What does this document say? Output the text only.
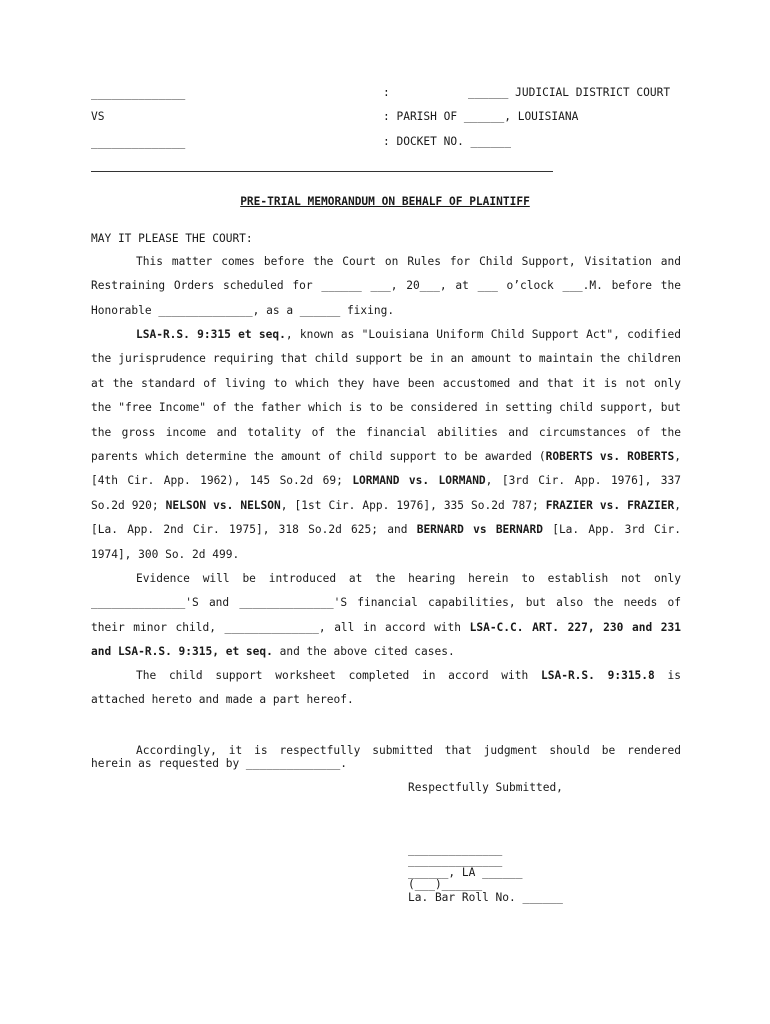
______________	:	______ JUDICIAL DISTRICT COURT
VS	: PARISH OF ______, LOUISIANA
______________	: DOCKET NO. ______
PRE-TRIAL MEMORANDUM ON BEHALF OF PLAINTIFF
MAY IT PLEASE THE COURT:
This matter comes before the Court on Rules for Child Support, Visitation and Restraining Orders scheduled for ______ ___, 20___, at ___ o’clock ___.M. before the Honorable ______________, as a ______ fixing.
LSA-R.S. 9:315 et seq., known as "Louisiana Uniform Child Support Act", codified the jurisprudence requiring that child support be in an amount to maintain the children at the standard of living to which they have been accustomed and that it is not only the "free Income" of the father which is to be considered in setting child support, but the gross income and totality of the financial abilities and circumstances of the parents which determine the amount of child support to be awarded (ROBERTS vs. ROBERTS, [4th Cir. App. 1962), 145 So.2d 69; LORMAND vs. LORMAND, [3rd Cir. App. 1976], 337 So.2d 920; NELSON vs. NELSON, [1st Cir. App. 1976], 335 So.2d 787; FRAZIER vs. FRAZIER, [La. App. 2nd Cir. 1975], 318 So.2d 625; and BERNARD vs BERNARD [La. App. 3rd Cir. 1974], 300 So. 2d 499.
Evidence will be introduced at the hearing herein to establish not only ______________'S and ______________'S financial capabilities, but also the needs of their minor child, ______________, all in accord with LSA-C.C. ART. 227, 230 and 231 and LSA-R.S. 9:315, et seq. and the above cited cases.
The child support worksheet completed in accord with LSA-R.S. 9:315.8 is attached hereto and made a part hereof.
Accordingly, it is respectfully submitted that judgment should be rendered herein as requested by ______________.
Respectfully Submitted,
______________
______________
______, LA ______
(___)______
La. Bar Roll No. ______
